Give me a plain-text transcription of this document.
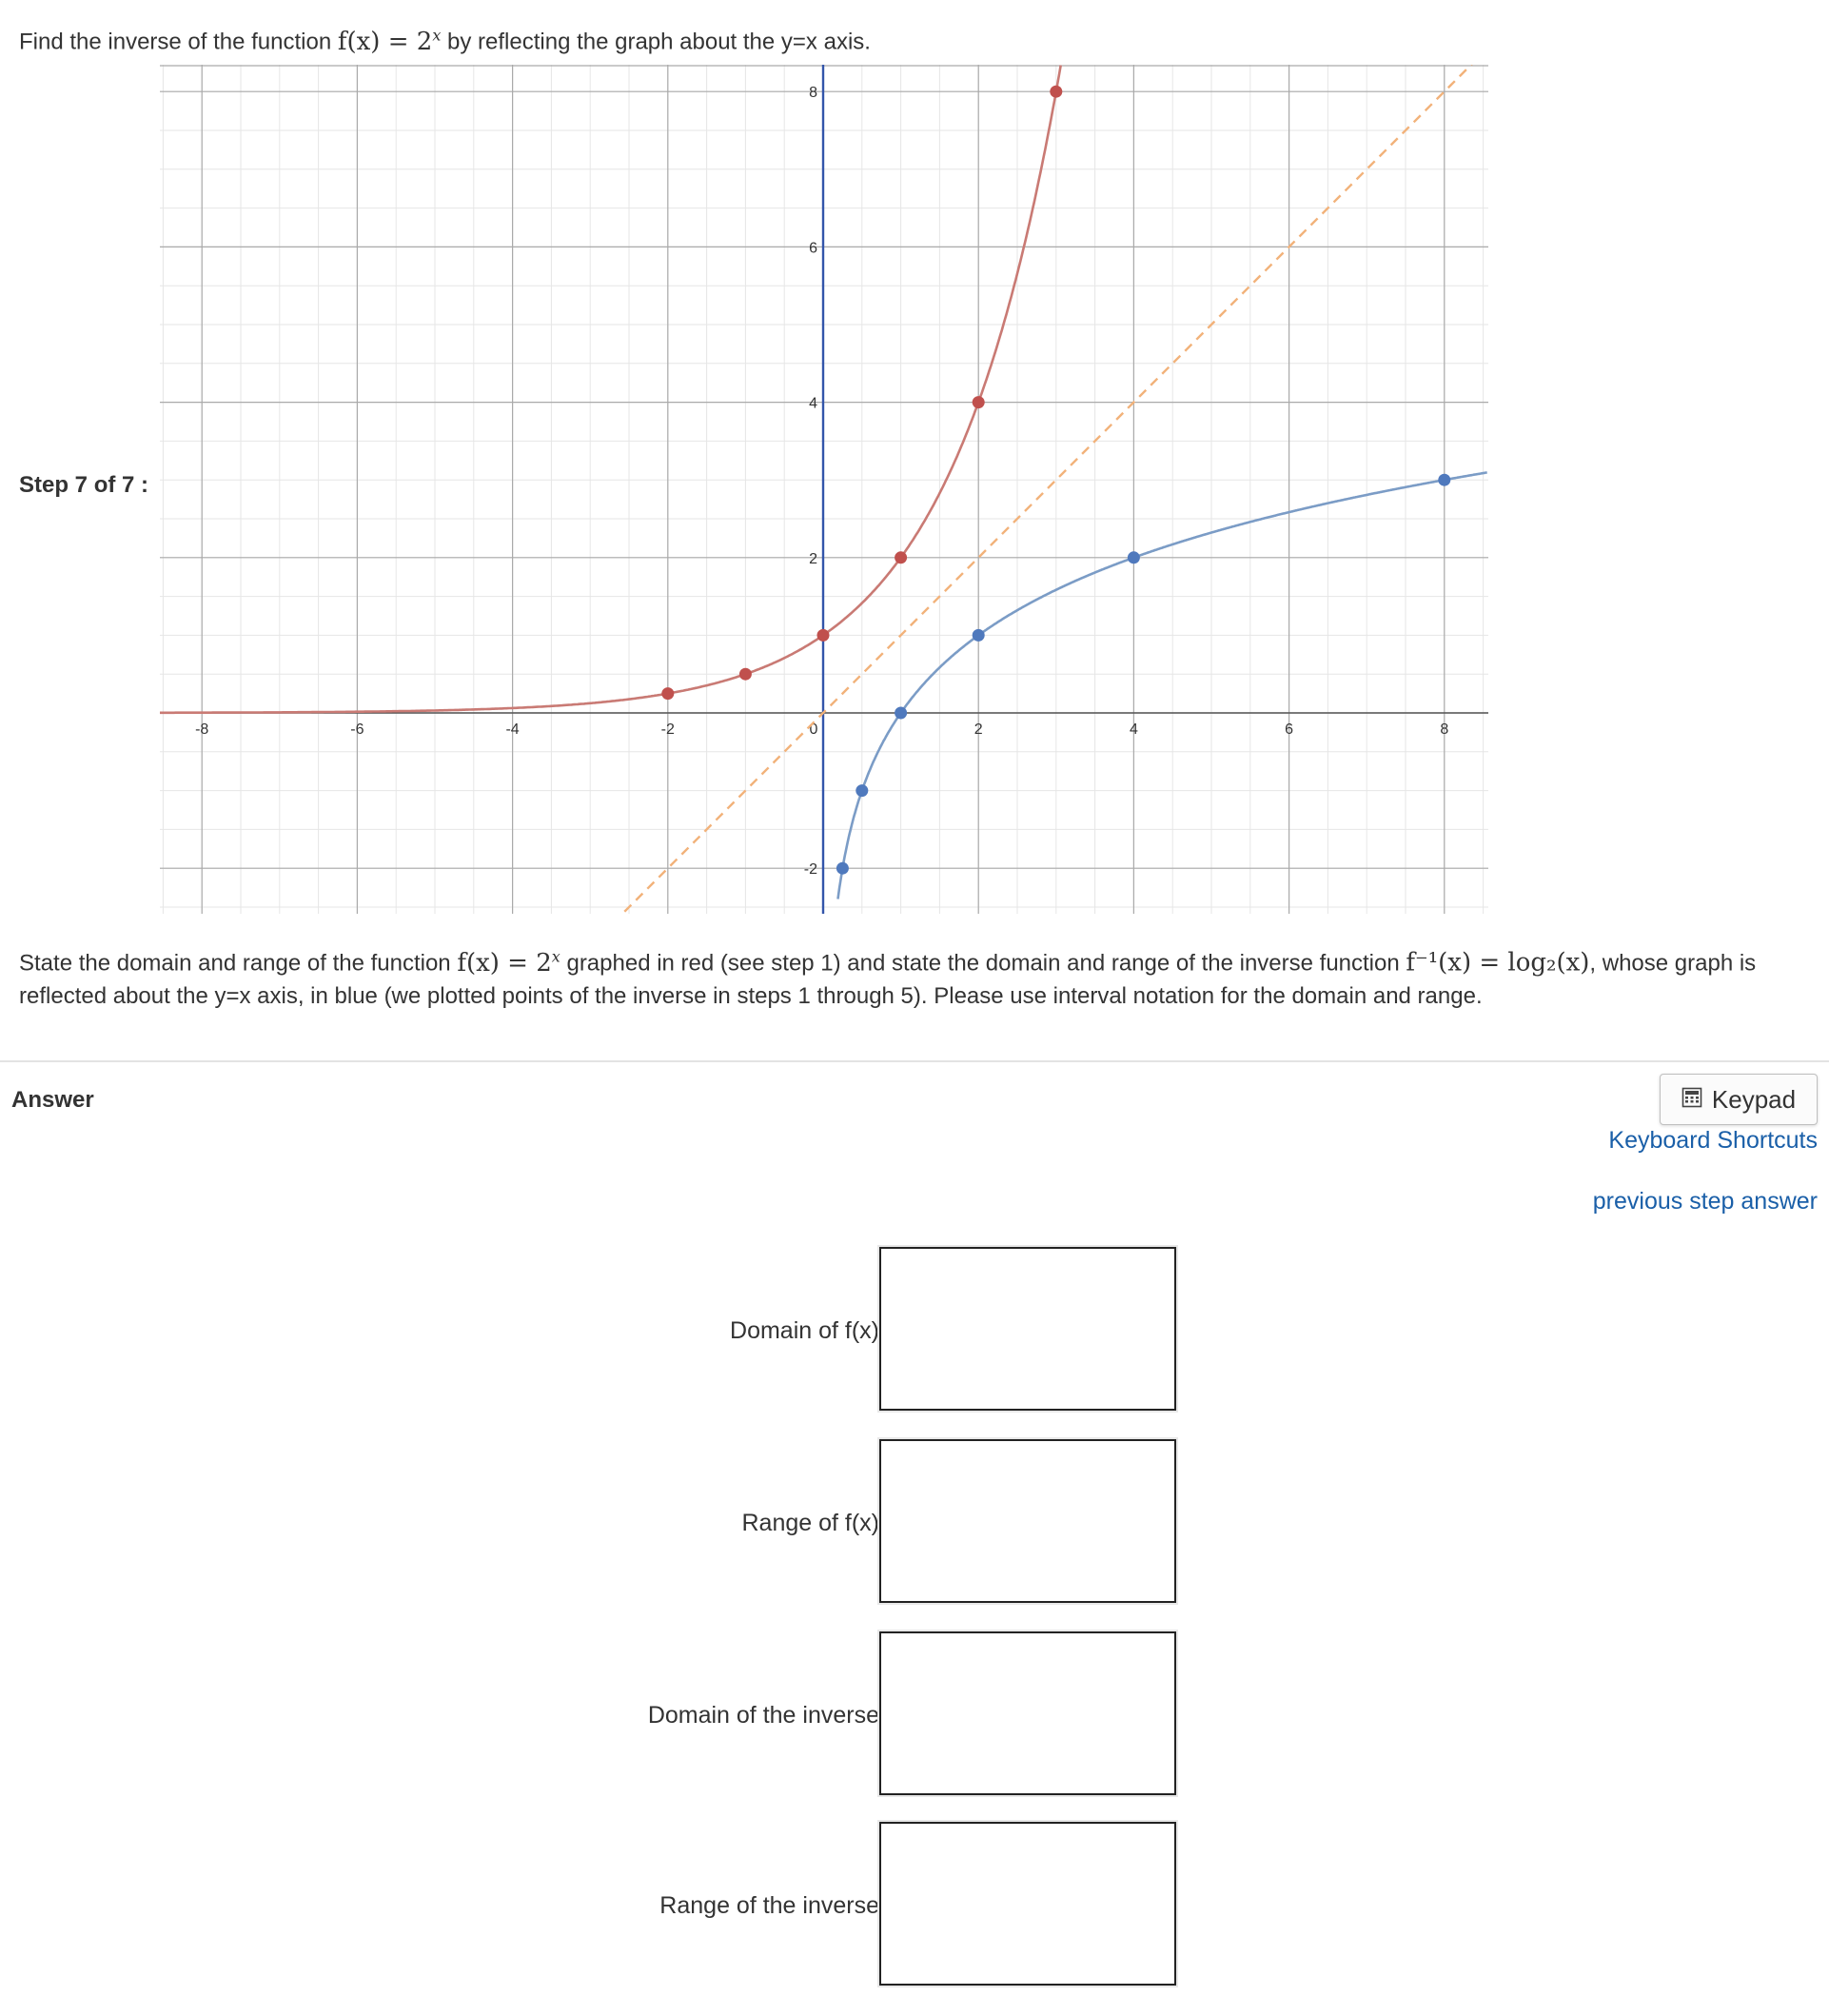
Find the inverse of the function $f(x) = 2^x$ by reflecting the graph about the y=x axis.
Step 7 of 7 :
-8	-6	-4	-2	0	2	4	6	8
-2
2
4
6
8
State the domain and range of the function $f(x) = 2^x$ graphed in red (see step 1) and state the domain and range of the inverse function f⁻¹(x) = log₂(x), whose graph is reflected about the y=x axis, in blue (we plotted points of the inverse in steps 1 through 5). Please use interval notation for the domain and range.
Answer	Keypad
Keyboard Shortcuts
previous step answer
Domain of f(x)
Range of f(x)
Domain of the inverse
Range of the inverse
